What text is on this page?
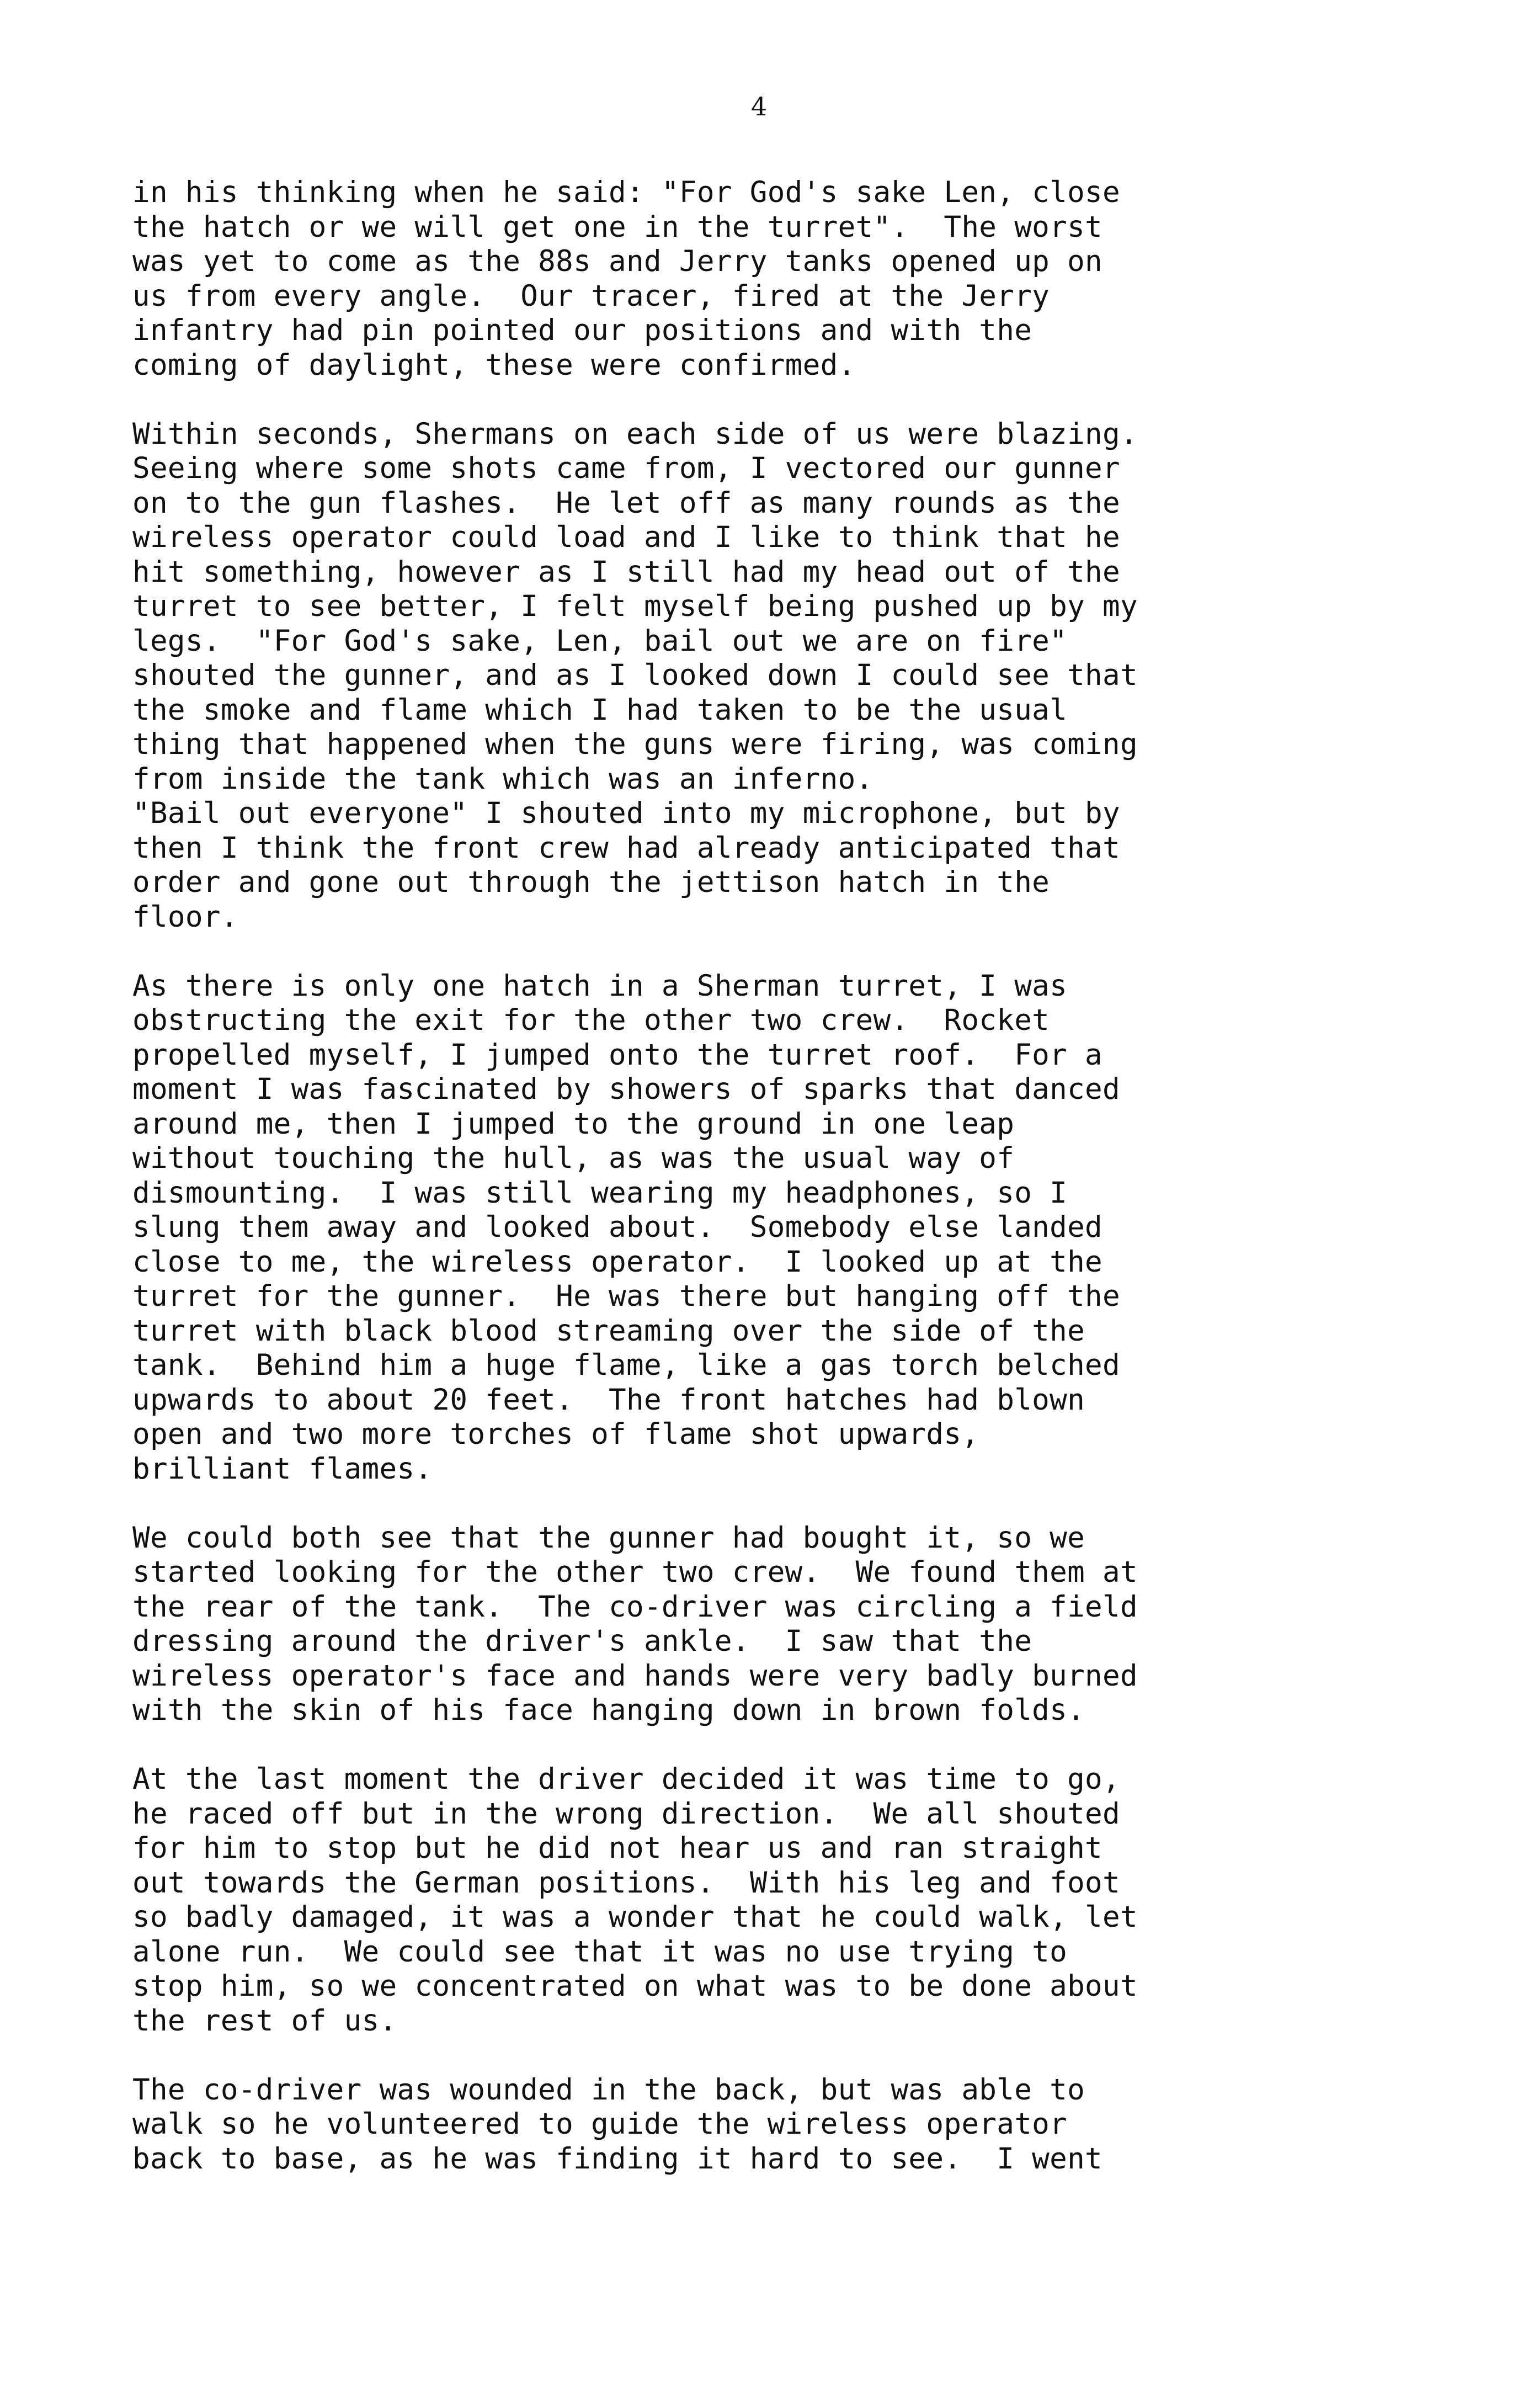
4

in his thinking when he said: "For God's sake Len, close
the hatch or we will get one in the turret".  The worst
was yet to come as the 88s and Jerry tanks opened up on
us from every angle.  Our tracer, fired at the Jerry
infantry had pin pointed our positions and with the
coming of daylight, these were confirmed.

Within seconds, Shermans on each side of us were blazing.
Seeing where some shots came from, I vectored our gunner
on to the gun flashes.  He let off as many rounds as the
wireless operator could load and I like to think that he
hit something, however as I still had my head out of the
turret to see better, I felt myself being pushed up by my
legs.  "For God's sake, Len, bail out we are on fire"
shouted the gunner, and as I looked down I could see that
the smoke and flame which I had taken to be the usual
thing that happened when the guns were firing, was coming
from inside the tank which was an inferno.

"Bail out everyone" I shouted into my microphone, but by
then I think the front crew had already anticipated that
order and gone out through the jettison hatch in the
floor.

As there is only one hatch in a Sherman turret, I was
obstructing the exit for the other two crew.  Rocket
propelled myself, I jumped onto the turret roof.  For a
moment I was fascinated by showers of sparks that danced
around me, then I jumped to the ground in one leap
without touching the hull, as was the usual way of
dismounting.  I was still wearing my headphones, so I
slung them away and looked about.  Somebody else landed
close to me, the wireless operator.  I looked up at the
turret for the gunner.  He was there but hanging off the
turret with black blood streaming over the side of the
tank.  Behind him a huge flame, like a gas torch belched
upwards to about 20 feet.  The front hatches had blown
open and two more torches of flame shot upwards,
brilliant flames.

We could both see that the gunner had bought it, so we
started looking for the other two crew.  We found them at
the rear of the tank.  The co-driver was circling a field
dressing around the driver's ankle.  I saw that the
wireless operator's face and hands were very badly burned
with the skin of his face hanging down in brown folds.

At the last moment the driver decided it was time to go,
he raced off but in the wrong direction.  We all shouted
for him to stop but he did not hear us and ran straight
out towards the German positions.  With his leg and foot
so badly damaged, it was a wonder that he could walk, let
alone run.  We could see that it was no use trying to
stop him, so we concentrated on what was to be done about
the rest of us.

The co-driver was wounded in the back, but was able to
walk so he volunteered to guide the wireless operator
back to base, as he was finding it hard to see.  I went
